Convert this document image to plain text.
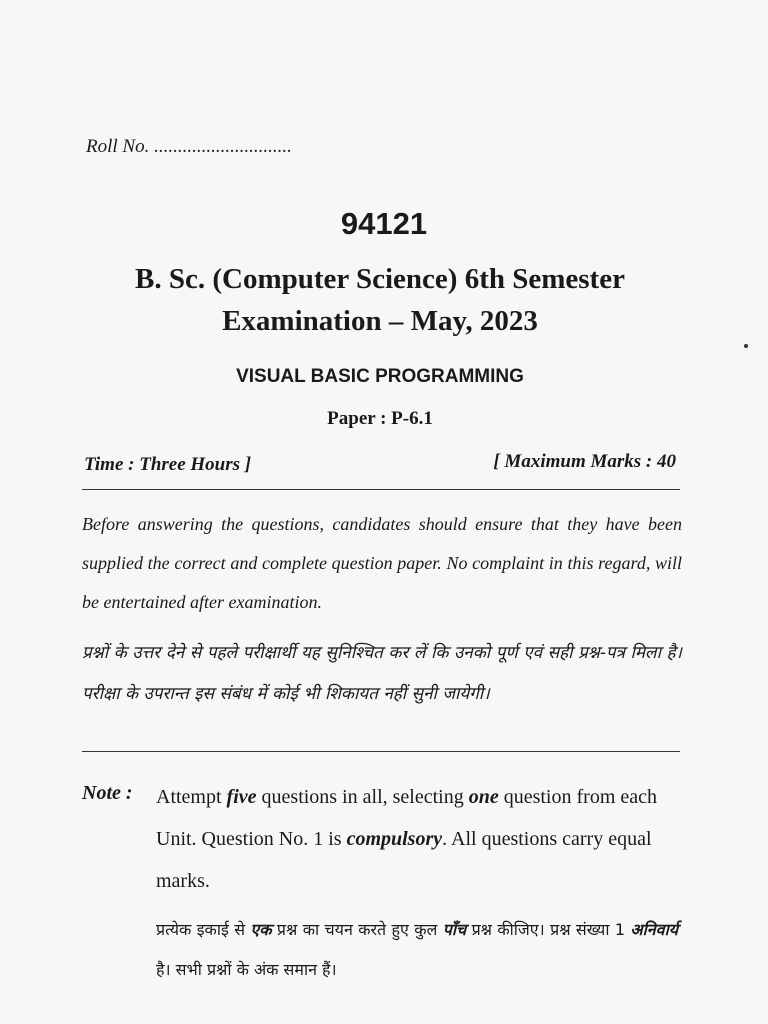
Roll No. .............................
94121
B. Sc. (Computer Science) 6th Semester
Examination – May, 2023
VISUAL BASIC PROGRAMMING
Paper : P-6.1
Time : Three Hours ]	[ Maximum Marks : 40
Before answering the questions, candidates should ensure that they have been supplied the correct and complete question paper. No complaint in this regard, will be entertained after examination.
प्रश्नों के उत्तर देने से पहले परीक्षार्थी यह सुनिश्चित कर लें कि उनको पूर्ण एवं सही प्रश्न-पत्र मिला है। परीक्षा के उपरान्त इस संबंध में कोई भी शिकायत नहीं सुनी जायेगी।
Note : Attempt five questions in all, selecting one question from each Unit. Question No. 1 is compulsory. All questions carry equal marks.
प्रत्येक इकाई से एक प्रश्न का चयन करते हुए कुल पाँच प्रश्न कीजिए। प्रश्न संख्या 1 अनिवार्य है। सभी प्रश्नों के अंक समान हैं।
